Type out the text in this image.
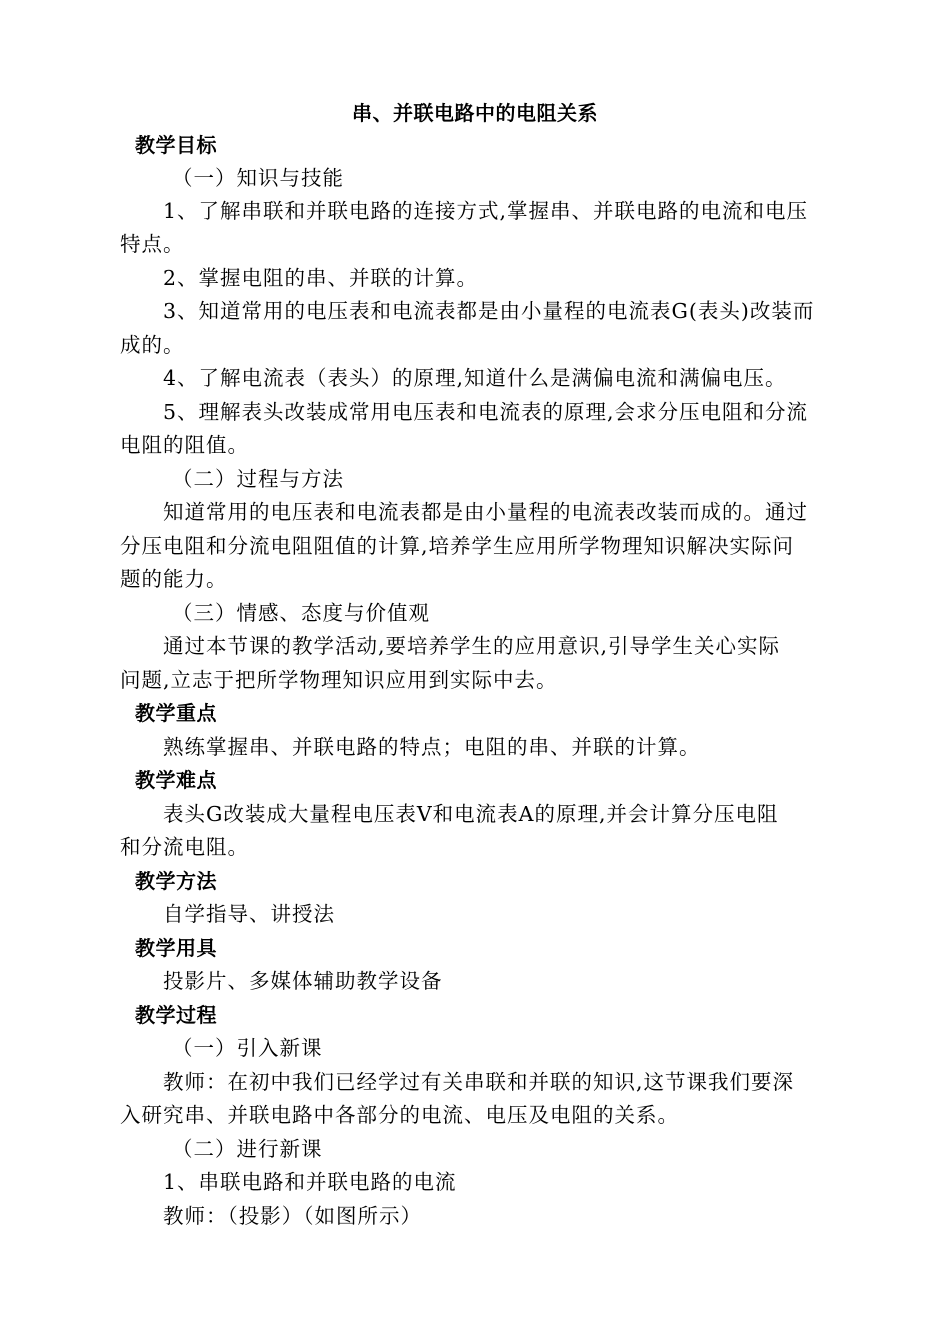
串、并联电路中的电阻关系
教学目标
（一）知识与技能
1、了解串联和并联电路的连接方式,掌握串、并联电路的电流和电压
特点。
2、掌握电阻的串、并联的计算。
3、知道常用的电压表和电流表都是由小量程的电流表G(表头)改装而
成的。
4、了解电流表（表头）的原理,知道什么是满偏电流和满偏电压。
5、理解表头改装成常用电压表和电流表的原理,会求分压电阻和分流
电阻的阻值。
（二）过程与方法
知道常用的电压表和电流表都是由小量程的电流表改装而成的。通过
分压电阻和分流电阻阻值的计算,培养学生应用所学物理知识解决实际问
题的能力。
（三）情感、态度与价值观
通过本节课的教学活动,要培养学生的应用意识,引导学生关心实际
问题,立志于把所学物理知识应用到实际中去。
教学重点
熟练掌握串、并联电路的特点；电阻的串、并联的计算。
教学难点
表头G改装成大量程电压表V和电流表A的原理,并会计算分压电阻
和分流电阻。
教学方法
自学指导、讲授法
教学用具
投影片、多媒体辅助教学设备
教学过程
（一）引入新课
教师：在初中我们已经学过有关串联和并联的知识,这节课我们要深
入研究串、并联电路中各部分的电流、电压及电阻的关系。
（二）进行新课
1、串联电路和并联电路的电流
教师：（投影）（如图所示）
